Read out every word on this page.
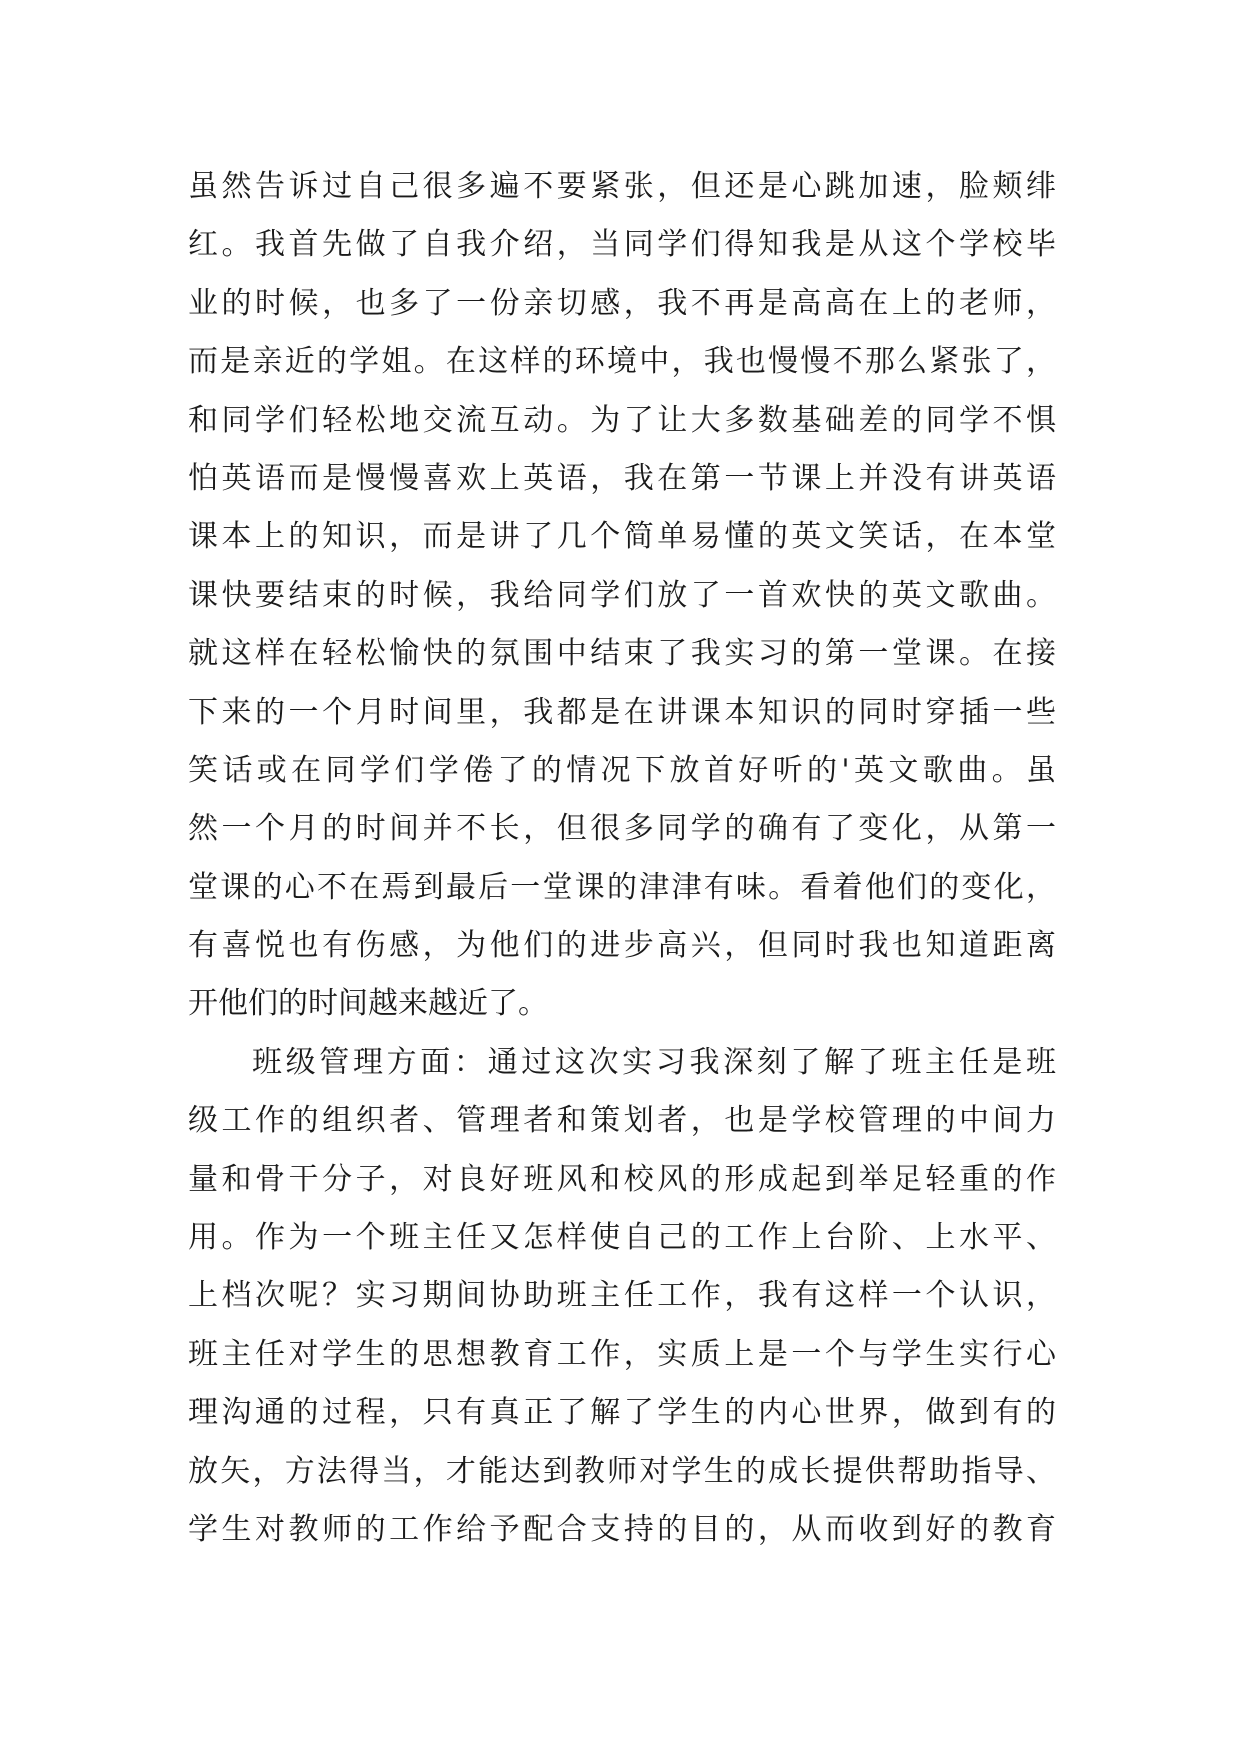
虽然告诉过自己很多遍不要紧张，但还是心跳加速，脸颊绯
红。我首先做了自我介绍，当同学们得知我是从这个学校毕
业的时候，也多了一份亲切感，我不再是高高在上的老师，
而是亲近的学姐。在这样的环境中，我也慢慢不那么紧张了，
和同学们轻松地交流互动。为了让大多数基础差的同学不惧
怕英语而是慢慢喜欢上英语，我在第一节课上并没有讲英语
课本上的知识，而是讲了几个简单易懂的英文笑话，在本堂
课快要结束的时候，我给同学们放了一首欢快的英文歌曲。
就这样在轻松愉快的氛围中结束了我实习的第一堂课。在接
下来的一个月时间里，我都是在讲课本知识的同时穿插一些
笑话或在同学们学倦了的情况下放首好听的'英文歌曲。虽
然一个月的时间并不长，但很多同学的确有了变化，从第一
堂课的心不在焉到最后一堂课的津津有味。看着他们的变化，
有喜悦也有伤感，为他们的进步高兴，但同时我也知道距离
开他们的时间越来越近了。
班级管理方面：通过这次实习我深刻了解了班主任是班
级工作的组织者、管理者和策划者，也是学校管理的中间力
量和骨干分子，对良好班风和校风的形成起到举足轻重的作
用。作为一个班主任又怎样使自己的工作上台阶、上水平、
上档次呢？实习期间协助班主任工作，我有这样一个认识，
班主任对学生的思想教育工作，实质上是一个与学生实行心
理沟通的过程，只有真正了解了学生的内心世界，做到有的
放矢，方法得当，才能达到教师对学生的成长提供帮助指导、
学生对教师的工作给予配合支持的目的，从而收到好的教育
